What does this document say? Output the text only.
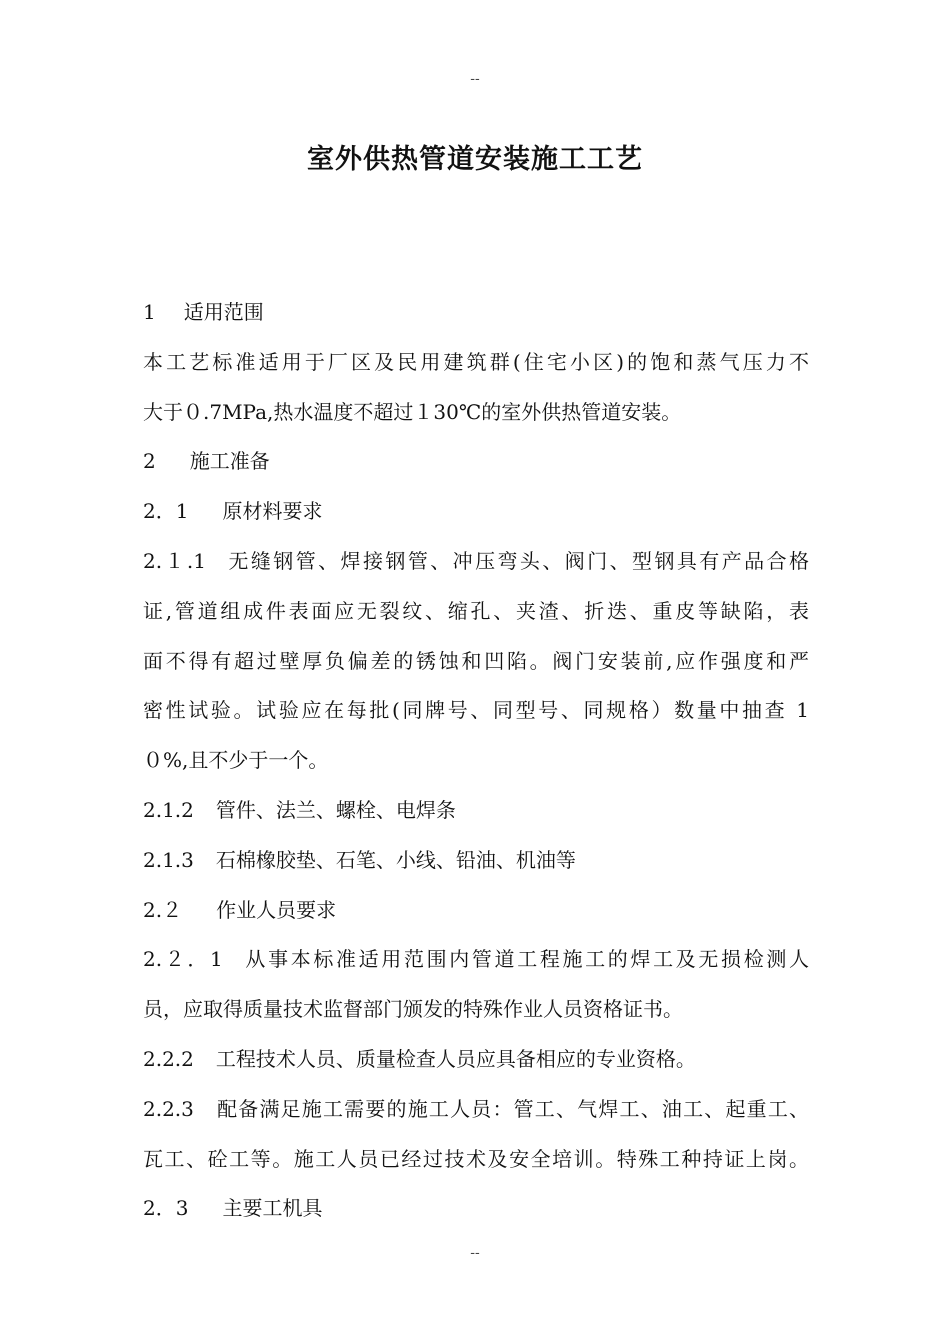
--
室外供热管道安装施工工艺
1 适用范围
本工艺标准适用于厂区及民用建筑群(住宅小区)的饱和蒸气压力不
大于０.7MPa,热水温度不超过１30℃的室外供热管道安装。
2 施工准备
2．1 原材料要求
2.１.1 无缝钢管、焊接钢管、冲压弯头、阀门、型钢具有产品合格
证,管道组成件表面应无裂纹、缩孔、夹渣、折迭、重皮等缺陷，表
面不得有超过壁厚负偏差的锈蚀和凹陷。阀门安装前,应作强度和严
密性试验。试验应在每批(同牌号、同型号、同规格）数量中抽查 1
０%,且不少于一个。
2.1.2 管件、法兰、螺栓、电焊条
2.1.3 石棉橡胶垫、石笔、小线、铅油、机油等
2.２ 作业人员要求
2.２．1 从事本标准适用范围内管道工程施工的焊工及无损检测人
员，应取得质量技术监督部门颁发的特殊作业人员资格证书。
2.2.2 工程技术人员、质量检查人员应具备相应的专业资格。
2.2.3 配备满足施工需要的施工人员：管工、气焊工、油工、起重工、
瓦工、砼工等。施工人员已经过技术及安全培训。特殊工种持证上岗。
2．3 主要工机具
--
